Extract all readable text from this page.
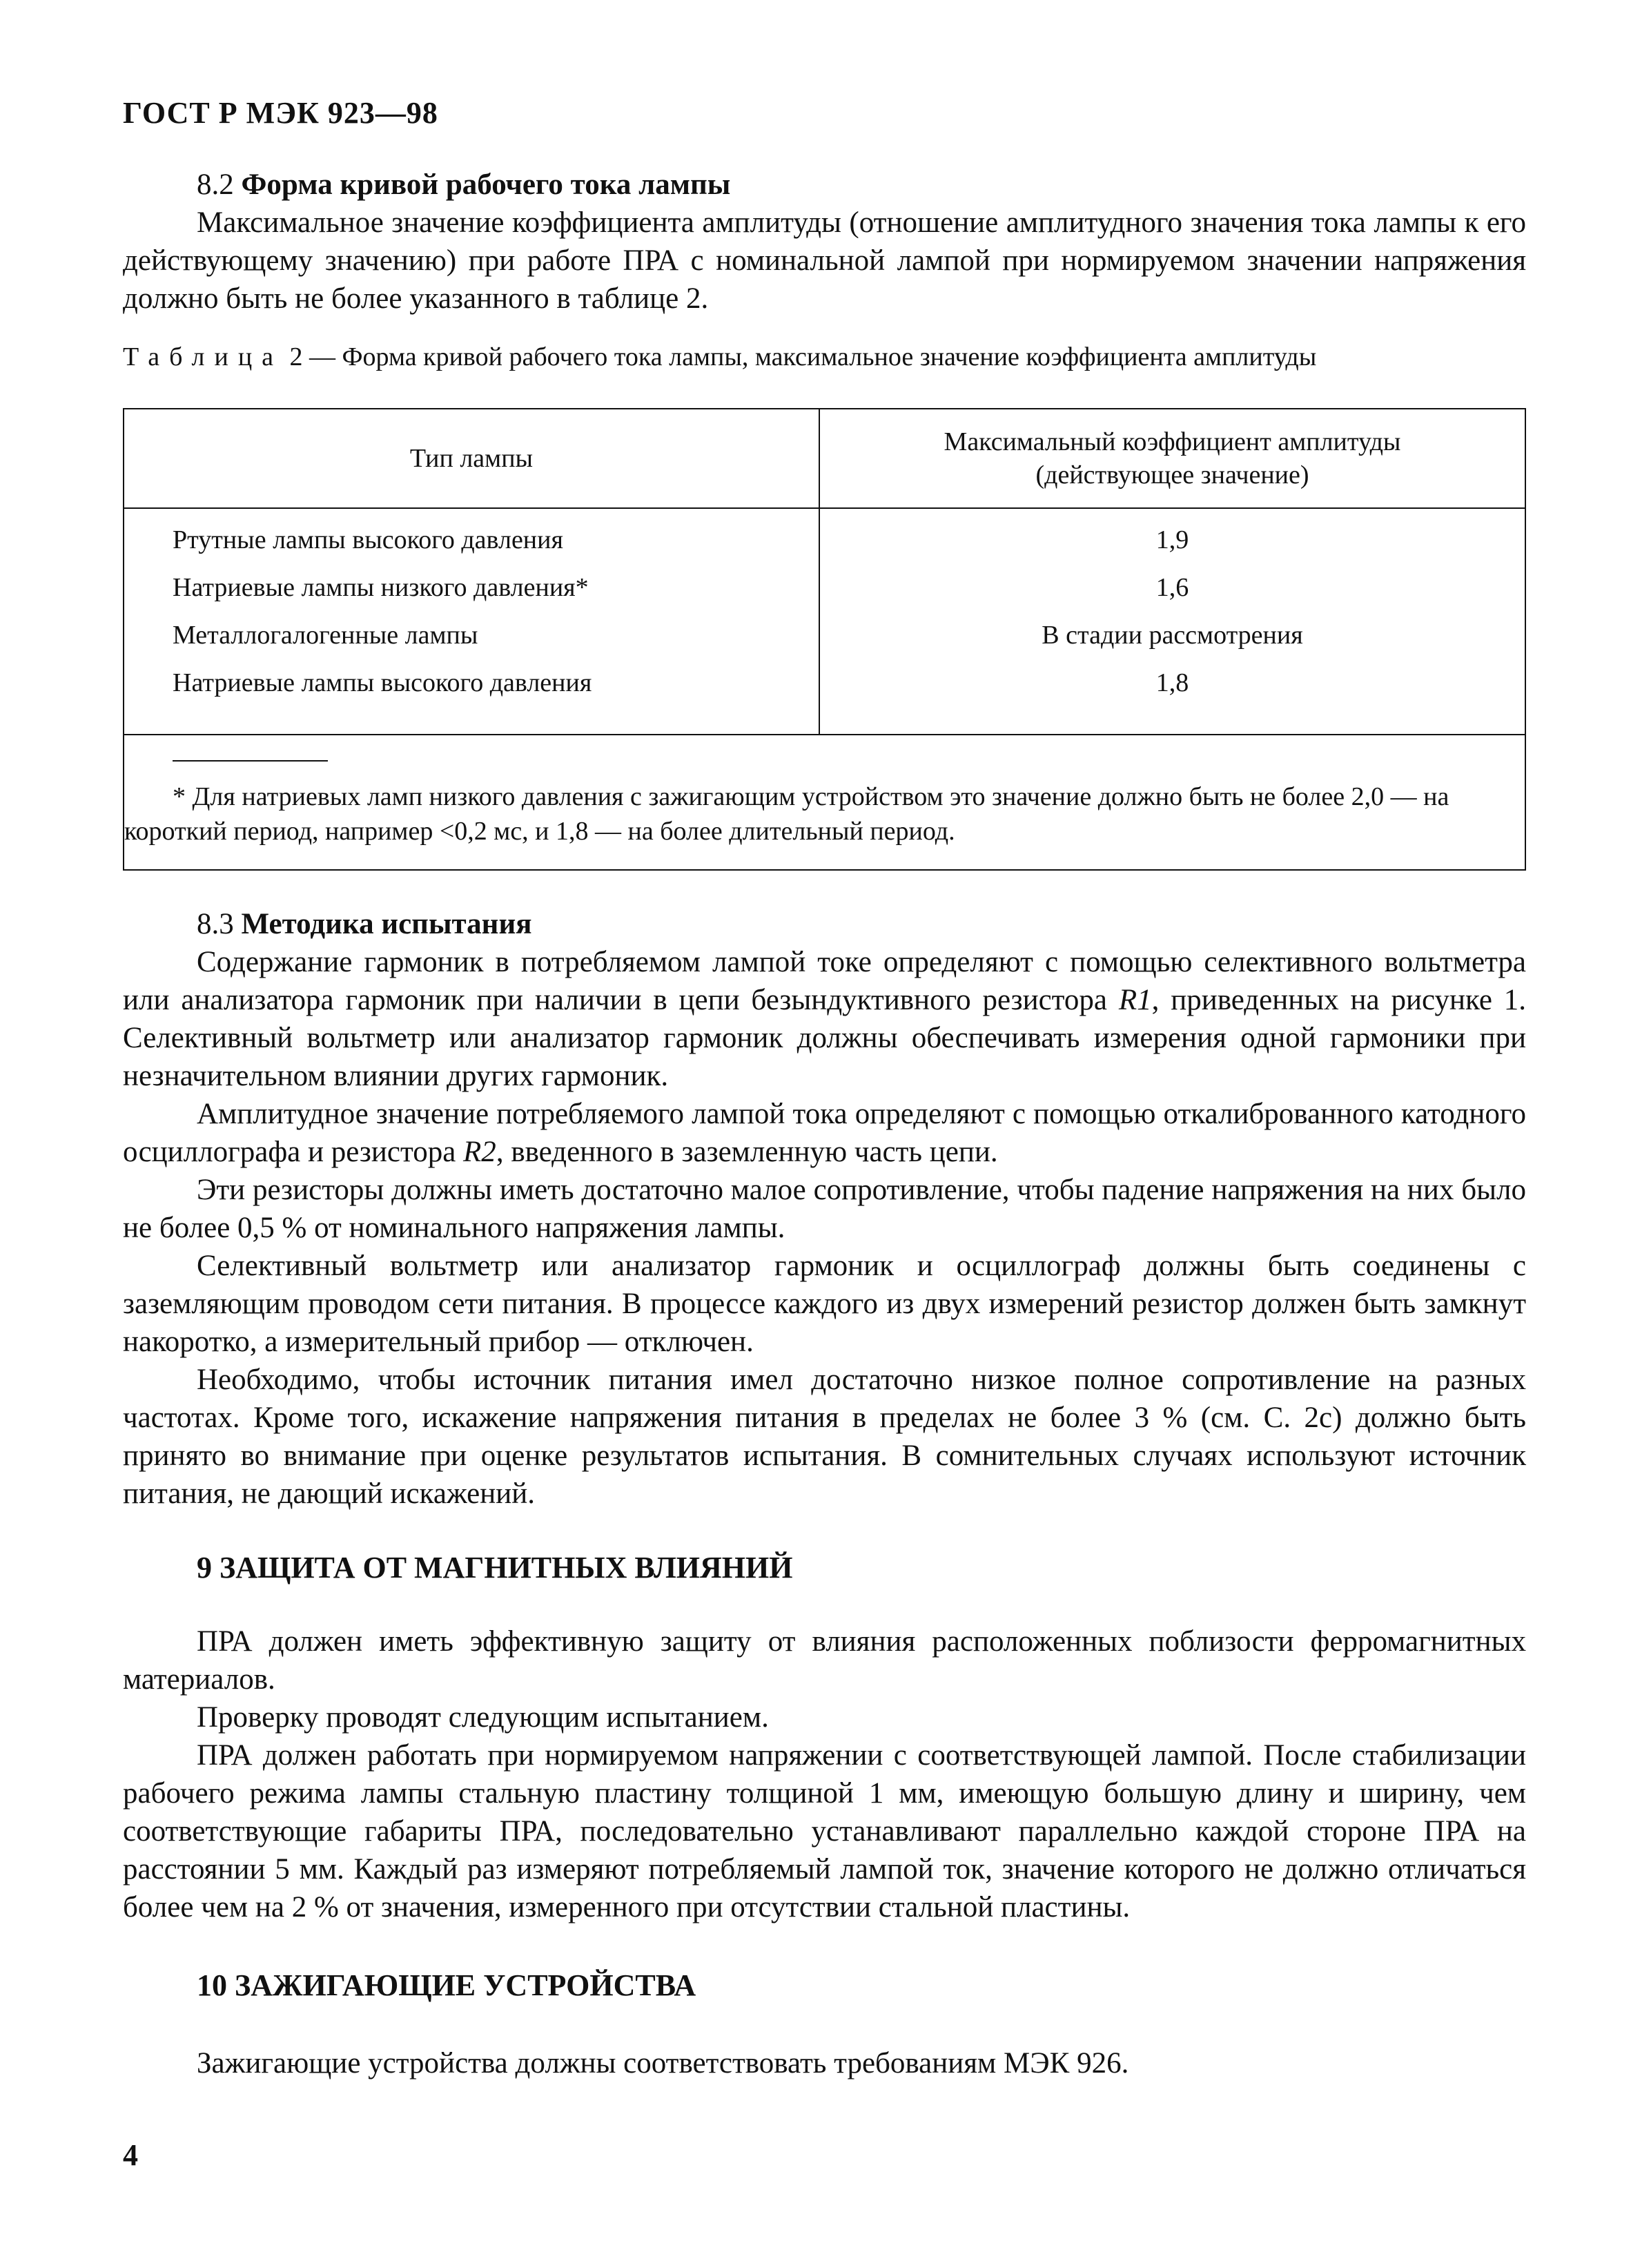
ГОСТ Р МЭК 923—98
8.2 Форма кривой рабочего тока лампы

Максимальное значение коэффициента амплитуды (отношение амплитудного значения тока лампы к его действующему значению) при работе ПРА с номинальной лампой при нормируемом значении напряжения должно быть не более указанного в таблице 2.

Таблица 2 — Форма кривой рабочего тока лампы, максимальное значение коэффициента амплитуды
Тип лампы	Максимальный коэффициент амплитуды
(действующее значение)

Ртутные лампы высокого давления	1,9
Натриевые лампы низкого давления*	1,6
Металлогалогенные лампы	В стадии рассмотрения
Натриевые лампы высокого давления	1,8

* Для натриевых ламп низкого давления с зажигающим устройством это значение должно быть не более 2,0 — на короткий период, например <0,2 мс, и 1,8 — на более длительный период.	
8.3 Методика испытания

Содержание гармоник в потребляемом лампой токе определяют с помощью селективного вольтметра или анализатора гармоник при наличии в цепи безындуктивного резистора R1, приведенных на рисунке 1. Селективный вольтметр или анализатор гармоник должны обеспечивать измерения одной гармоники при незначительном влиянии других гармоник.

Амплитудное значение потребляемого лампой тока определяют с помощью откалиброванного катодного осциллографа и резистора R2, введенного в заземленную часть цепи.

Эти резисторы должны иметь достаточно малое сопротивление, чтобы падение напряжения на них было не более 0,5 % от номинального напряжения лампы.

Селективный вольтметр или анализатор гармоник и осциллограф должны быть соединены с заземляющим проводом сети питания. В процессе каждого из двух измерений резистор должен быть замкнут накоротко, а измерительный прибор — отключен.

Необходимо, чтобы источник питания имел достаточно низкое полное сопротивление на разных частотах. Кроме того, искажение напряжения питания в пределах не более 3 % (см. С. 2с) должно быть принято во внимание при оценке результатов испытания. В сомнительных случаях используют источник питания, не дающий искажений.

9 ЗАЩИТА ОТ МАГНИТНЫХ ВЛИЯНИЙ

ПРА должен иметь эффективную защиту от влияния расположенных поблизости ферромагнитных материалов.

Проверку проводят следующим испытанием.

ПРА должен работать при нормируемом напряжении с соответствующей лампой. После стабилизации рабочего режима лампы стальную пластину толщиной 1 мм, имеющую большую длину и ширину, чем соответствующие габариты ПРА, последовательно устанавливают параллельно каждой стороне ПРА на расстоянии 5 мм. Каждый раз измеряют потребляемый лампой ток, значение которого не должно отличаться более чем на 2 % от значения, измеренного при отсутствии стальной пластины.

10 ЗАЖИГАЮЩИЕ УСТРОЙСТВА

Зажигающие устройства должны соответствовать требованиям МЭК 926.

4
